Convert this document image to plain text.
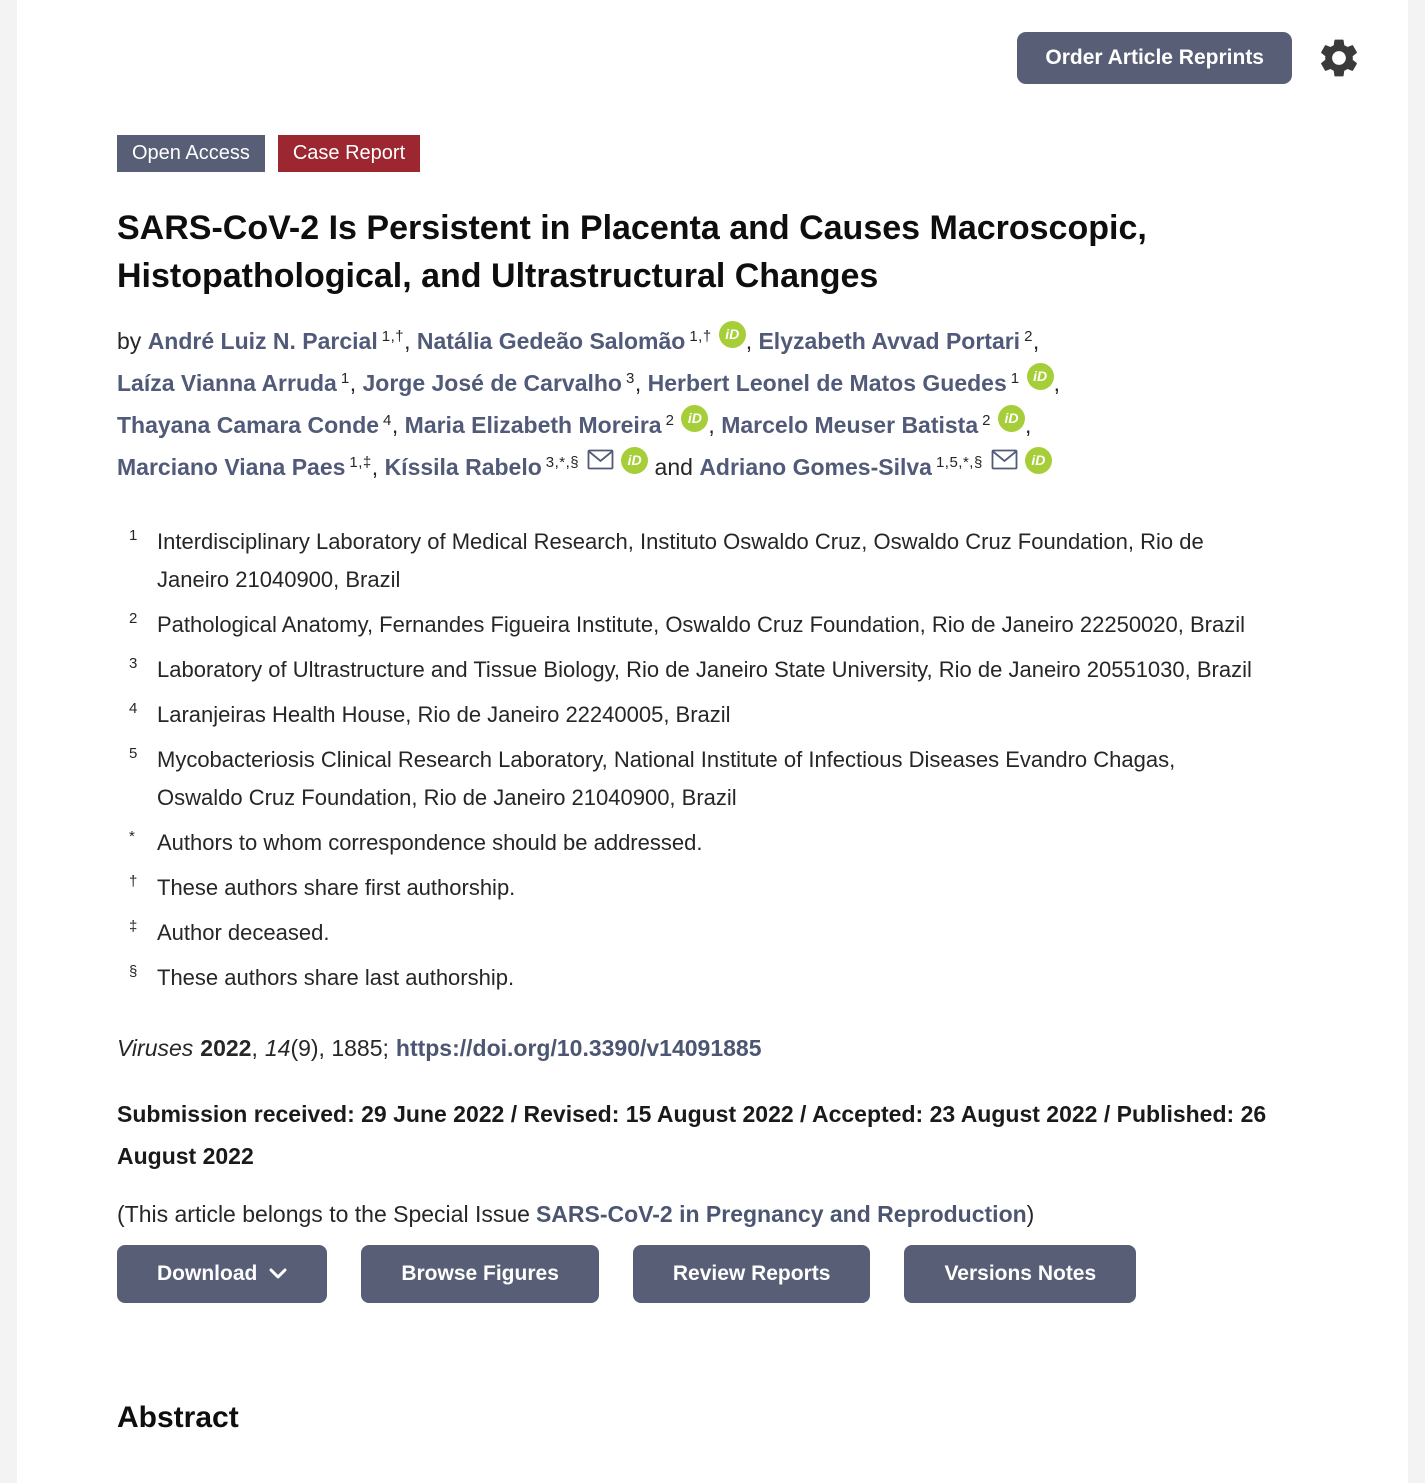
Order Article Reprints
Open Access	Case Report
SARS-CoV-2 Is Persistent in Placenta and Causes Macroscopic, Histopathological, and Ultrastructural Changes
by André Luiz N. Parcial $^{1,\dagger}$, Natália Gedeão Salomão $^{1,\dagger}$ iD , Elyzabeth Avvad Portari $^2$, Laíza Vianna Arruda $^1$, Jorge José de Carvalho $^3$, Herbert Leonel de Matos Guedes $^1$ iD , Thayana Camara Conde $^4$, Maria Elizabeth Moreira $^2$ iD , Marcelo Meuser Batista $^2$ iD , Marciano Viana Paes $^{1,\ddagger}$, Kíssila Rabelo $^{3,*,\S}$	iD and Adriano Gomes-Silva $^{1,5,*,\S}$	iD
1 Interdisciplinary Laboratory of Medical Research, Instituto Oswaldo Cruz, Oswaldo Cruz Foundation, Rio de Janeiro 21040900, Brazil
2 Pathological Anatomy, Fernandes Figueira Institute, Oswaldo Cruz Foundation, Rio de Janeiro 22250020, Brazil
3 Laboratory of Ultrastructure and Tissue Biology, Rio de Janeiro State University, Rio de Janeiro 20551030, Brazil
4 Laranjeiras Health House, Rio de Janeiro 22240005, Brazil
5 Mycobacteriosis Clinical Research Laboratory, National Institute of Infectious Diseases Evandro Chagas, Oswaldo Cruz Foundation, Rio de Janeiro 21040900, Brazil
* Authors to whom correspondence should be addressed.
† These authors share first authorship.
‡ Author deceased.
§ These authors share last authorship.

Viruses 2022, 14(9), 1885; https://doi.org/10.3390/v14091885

Submission received: 29 June 2022 / Revised: 15 August 2022 / Accepted: 23 August 2022 / Published: 26 August 2022

(This article belongs to the Special Issue SARS-CoV-2 in Pregnancy and Reproduction)

Download	Browse Figures	Review Reports	Versions Notes
Abstract
